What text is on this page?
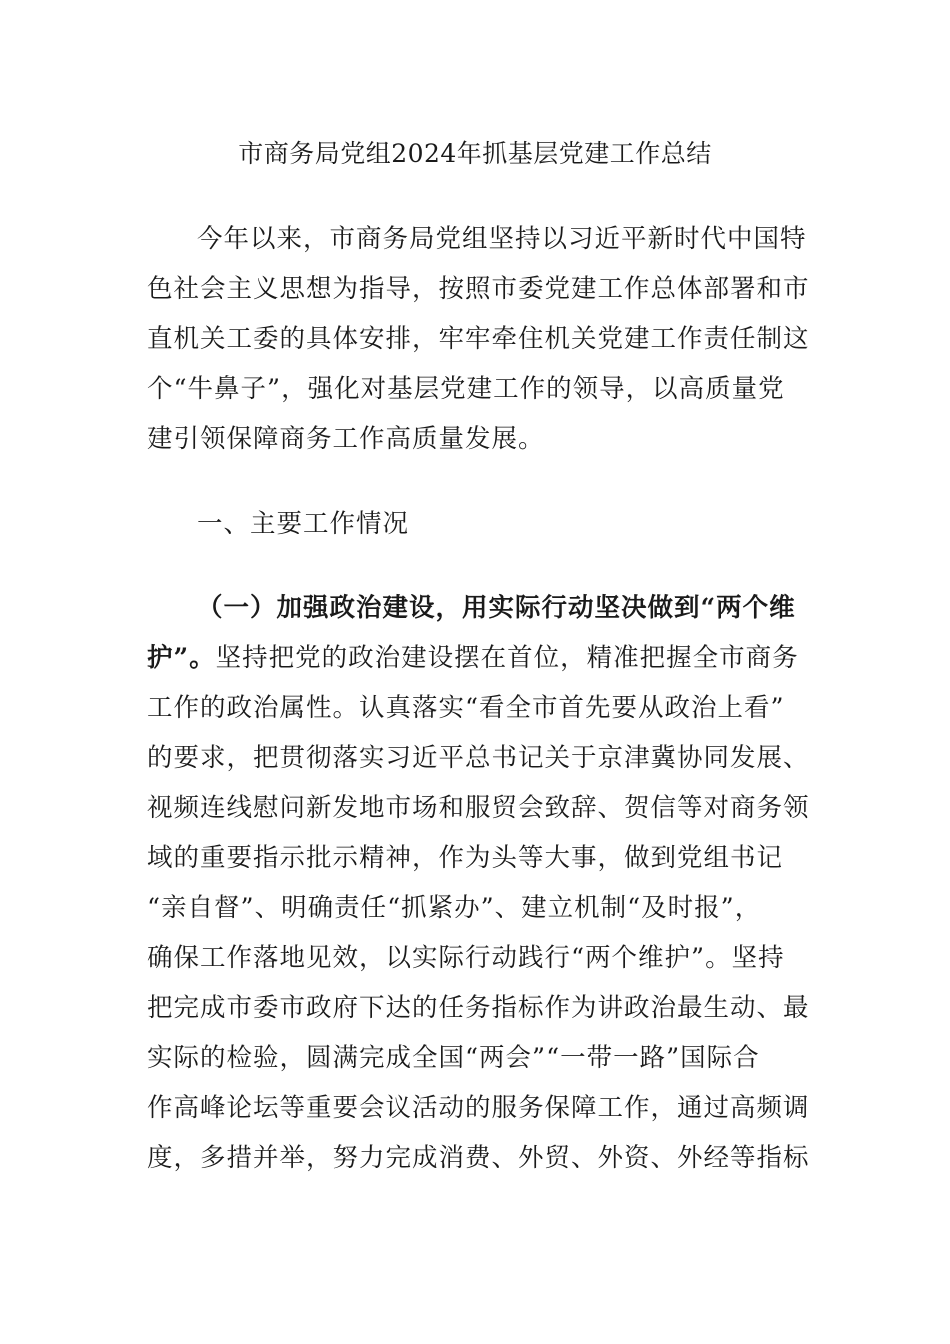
市商务局党组2024年抓基层党建工作总结
今年以来，市商务局党组坚持以习近平新时代中国特
色社会主义思想为指导，按照市委党建工作总体部署和市
直机关工委的具体安排，牢牢牵住机关党建工作责任制这
个“牛鼻子”，强化对基层党建工作的领导，以高质量党
建引领保障商务工作高质量发展。
一、主要工作情况
（一）加强政治建设，用实际行动坚决做到“两个维
护”。坚持把党的政治建设摆在首位，精准把握全市商务
工作的政治属性。认真落实“看全市首先要从政治上看”
的要求，把贯彻落实习近平总书记关于京津冀协同发展、
视频连线慰问新发地市场和服贸会致辞、贺信等对商务领
域的重要指示批示精神，作为头等大事，做到党组书记
“亲自督”、明确责任“抓紧办”、建立机制“及时报”，
确保工作落地见效，以实际行动践行“两个维护”。坚持
把完成市委市政府下达的任务指标作为讲政治最生动、最
实际的检验，圆满完成全国“两会”“一带一路”国际合
作高峰论坛等重要会议活动的服务保障工作，通过高频调
度，多措并举，努力完成消费、外贸、外资、外经等指标
